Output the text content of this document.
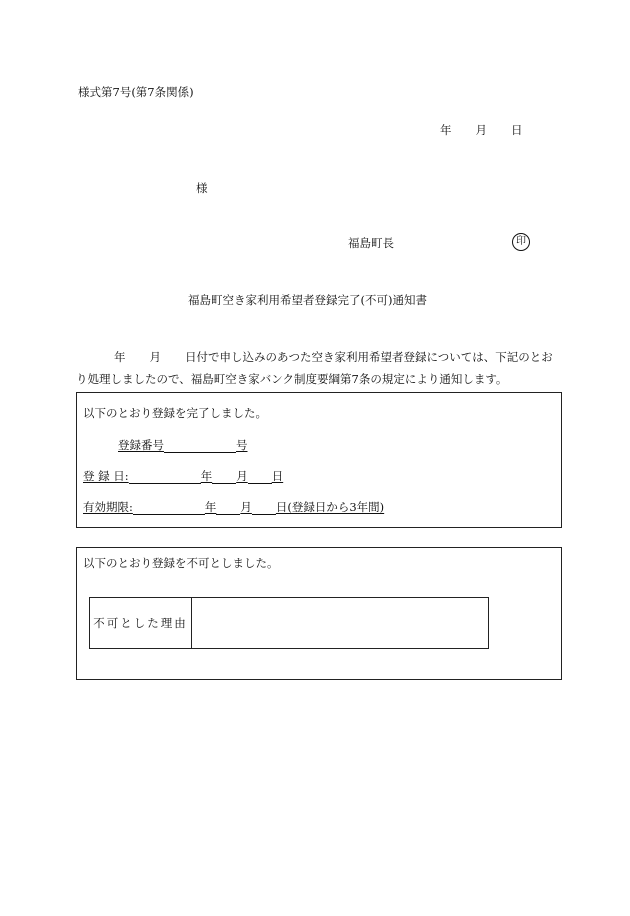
様式第7号(第7条関係)
年 月 日
様
福島町長	印
福島町空き家利用希望者登録完了(不可)通知書
年 月 日付で申し込みのあつた空き家利用希望者登録については、下記のとおり処理しましたので、福島町空き家バンク制度要綱第7条の規定により通知します。
以下のとおり登録を完了しました。
登録番号	号
登 録 日:	年 月 日
有効期限:	年 月 日(登録日から3年間)
以下のとおり登録を不可としました。
不可とした理由
